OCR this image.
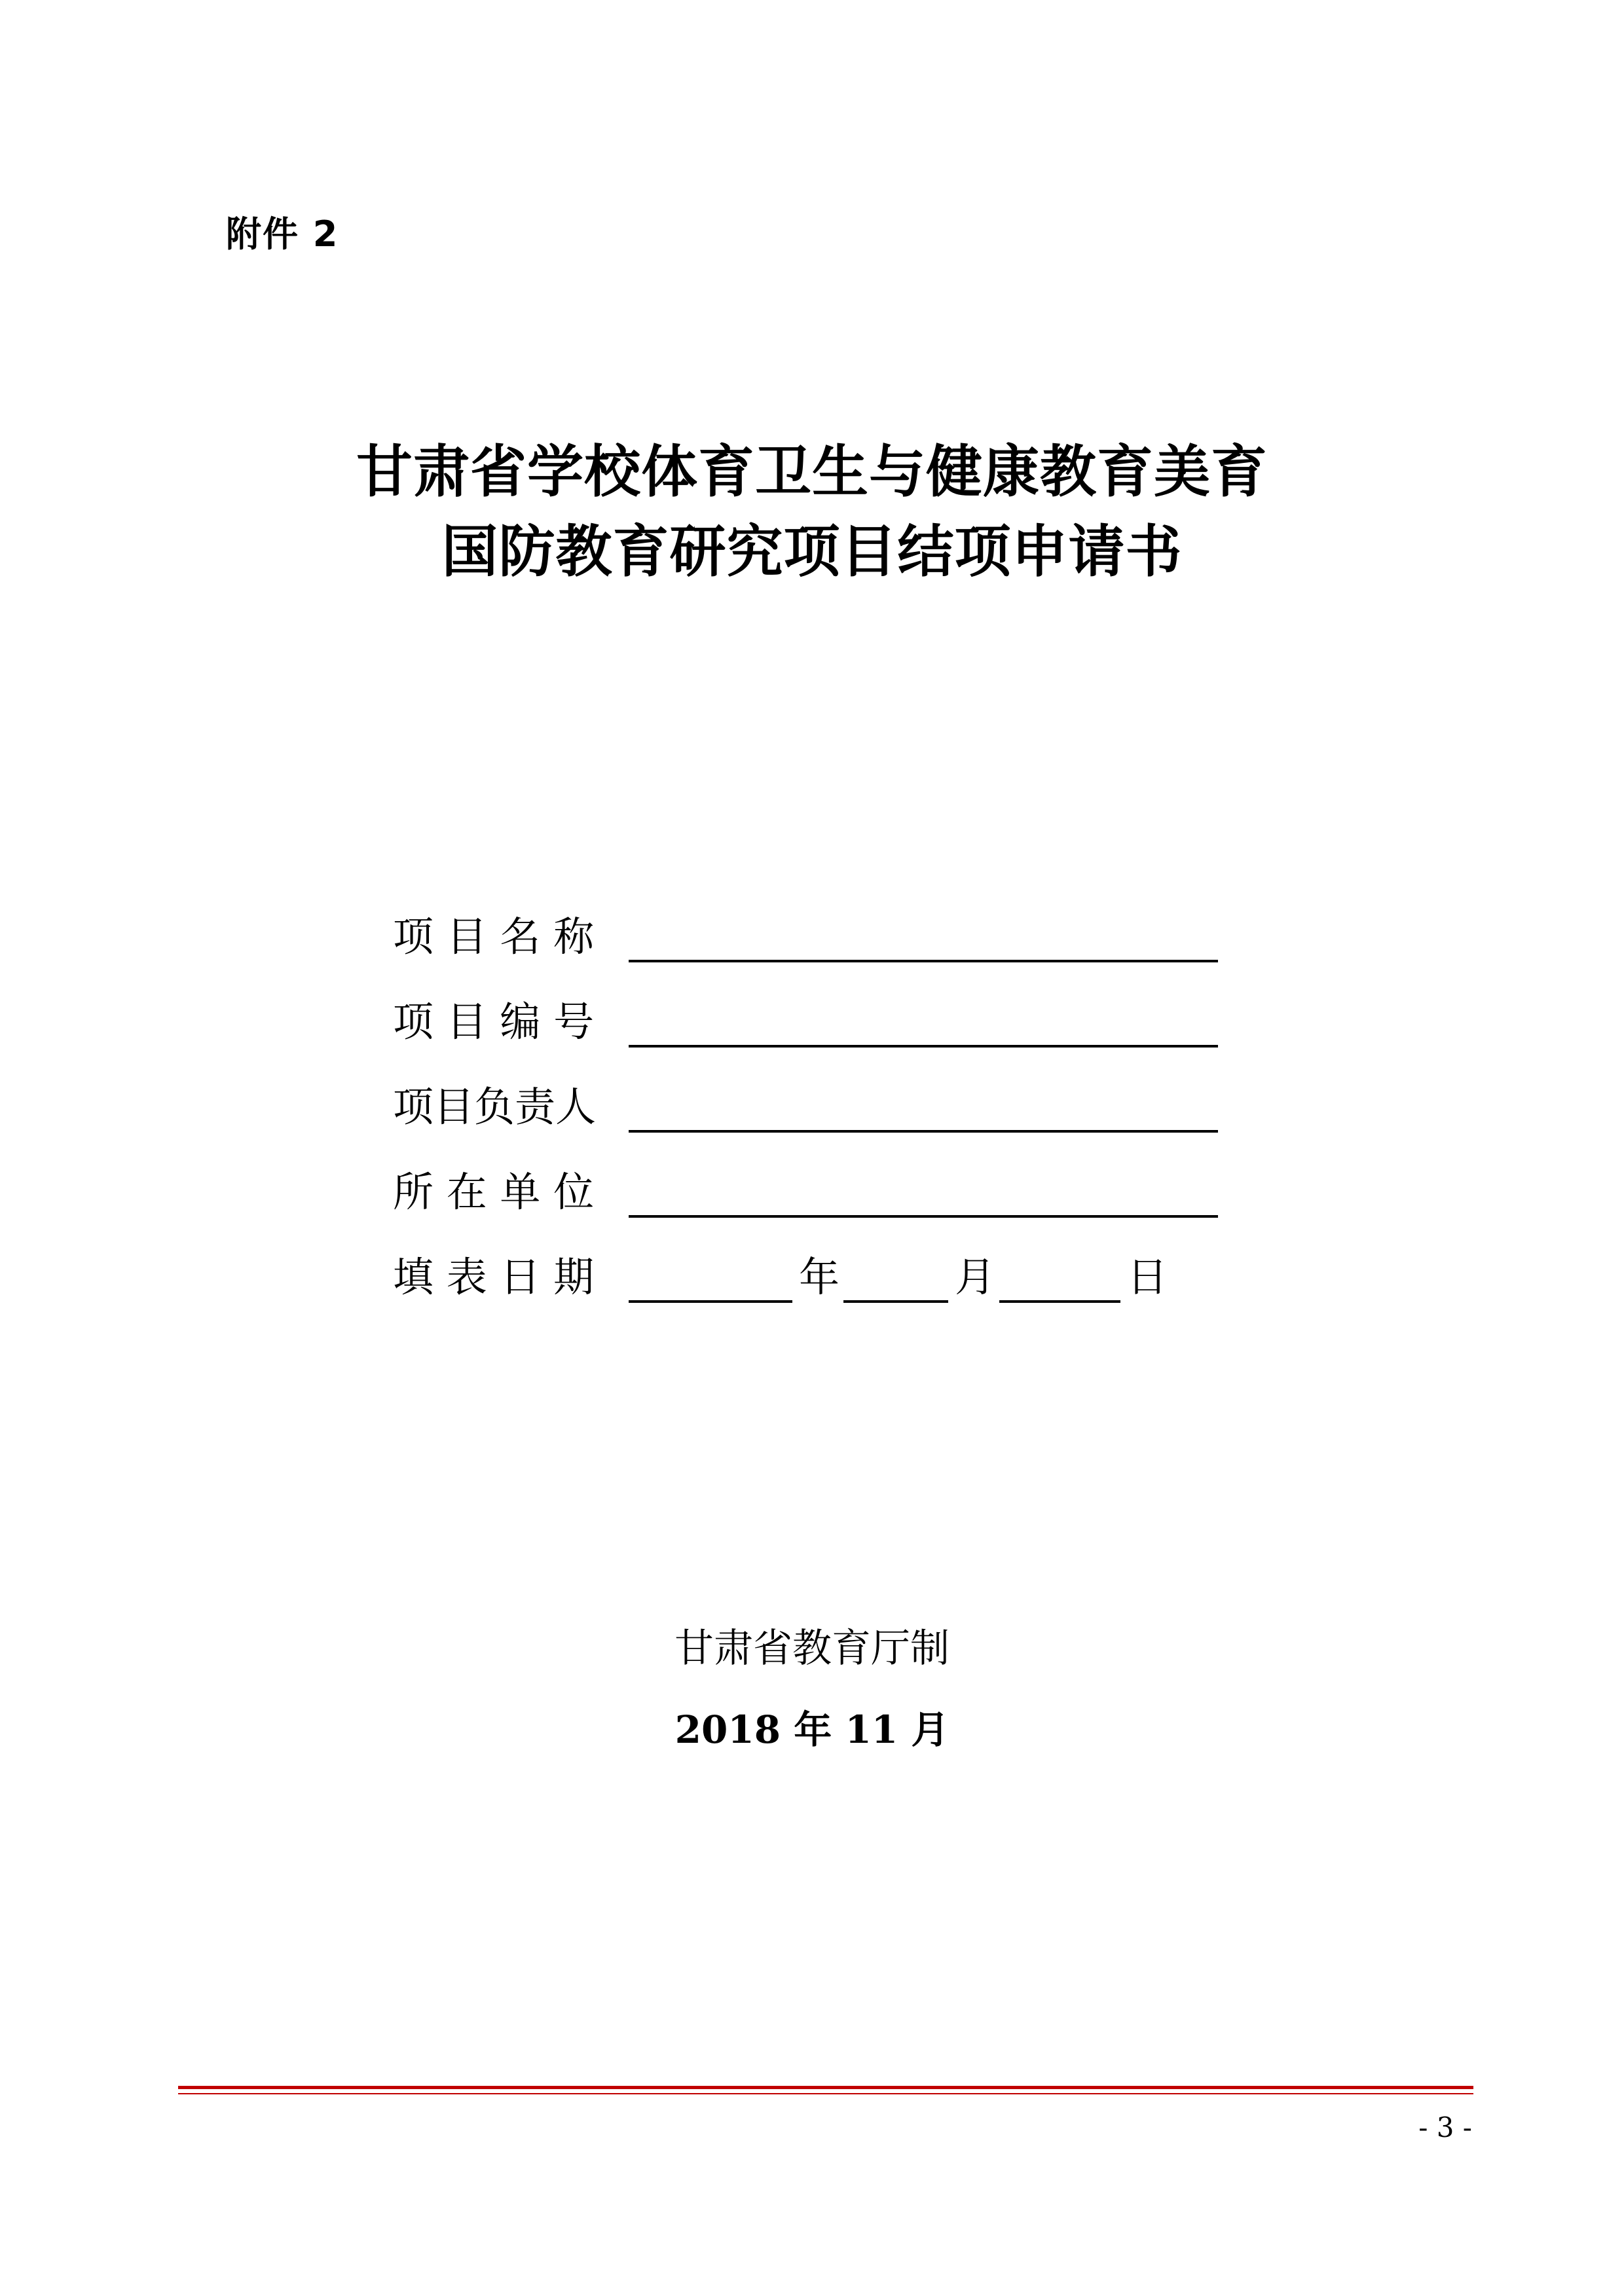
附件 2
甘肃省学校体育卫生与健康教育美育
国防教育研究项目结项申请书
项 目 名 称
项 目 编 号
项目负责人
所 在 单 位
填 表 日 期	年	月	日
甘肃省教育厅制
2018 年 11 月
- 3 -
